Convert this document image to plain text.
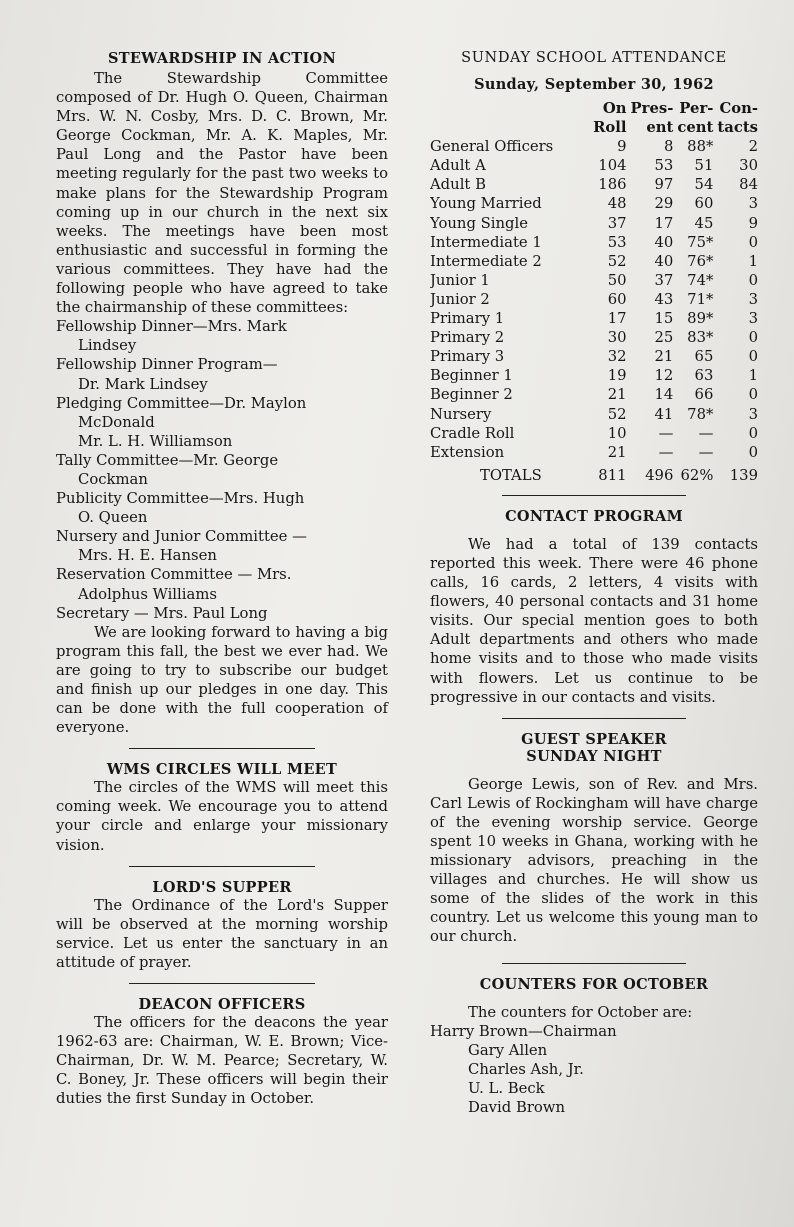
STEWARDSHIP IN ACTION

The Stewardship Committee composed of Dr. Hugh O. Queen, Chairman Mrs. W. N. Cosby, Mrs. D. C. Brown, Mr. George Cockman, Mr. A. K. Maples, Mr. Paul Long and the Pastor have been meeting regularly for the past two weeks to make plans for the Stewardship Program coming up in our church in the next six weeks. The meetings have been most enthusiastic and successful in forming the various committees. They have had the following people who have agreed to take the chairmanship of these committees:

Fellowship Dinner—Mrs. Mark

Lindsey

Fellowship Dinner Program—

Dr. Mark Lindsey

Pledging Committee—Dr. Maylon

McDonald

Mr. L. H. Williamson

Tally Committee—Mr. George

Cockman

Publicity Committee—Mrs. Hugh

O. Queen

Nursery and Junior Committee —

Mrs. H. E. Hansen

Reservation Committee — Mrs.

Adolphus Williams

Secretary — Mrs. Paul Long

We are looking forward to having a big program this fall, the best we ever had. We are going to try to subscribe our budget and finish up our pledges in one day. This can be done with the full cooperation of everyone.

WMS CIRCLES WILL MEET

The circles of the WMS will meet this coming week. We encourage you to attend your circle and enlarge your missionary vision.

LORD'S SUPPER

The Ordinance of the Lord's Supper will be observed at the morning worship service. Let us enter the sanctuary in an attitude of prayer.

DEACON OFFICERS

The officers for the deacons the year 1962-63 are: Chairman, W. E. Brown; Vice-Chairman, Dr. W. M. Pearce; Secretary, W. C. Boney, Jr. These officers will begin their duties the first Sunday in October.

SUNDAY SCHOOL ATTENDANCE
Sunday, September 30, 1962
	On	Pres-	Per-	Con-
	Roll	ent	cent	tacts
General Officers	9	8	88*	2
Adult A	104	53	51	30
Adult B	186	97	54	84
Young Married	48	29	60	3
Young Single	37	17	45	9
Intermediate 1	53	40	75*	0
Intermediate 2	52	40	76*	1
Junior 1	50	37	74*	0
Junior 2	60	43	71*	3
Primary 1	17	15	89*	3
Primary 2	30	25	83*	0
Primary 3	32	21	65	0
Beginner 1	19	12	63	1
Beginner 2	21	14	66	0
Nursery	52	41	78*	3
Cradle Roll	10	—	—	0
Extension	21	—	—	0
TOTALS	811	496	62%	139
CONTACT PROGRAM

We had a total of 139 contacts reported this week. There were 46 phone calls, 16 cards, 2 letters, 4 visits with flowers, 40 personal contacts and 31 home visits. Our special mention goes to both Adult departments and others who made home visits and to those who made visits with flowers. Let us continue to be progressive in our contacts and visits.

GUEST SPEAKER
SUNDAY NIGHT

George Lewis, son of Rev. and Mrs. Carl Lewis of Rockingham will have charge of the evening worship service. George spent 10 weeks in Ghana, working with he missionary advisors, preaching in the villages and churches. He will show us some of the slides of the work in this country. Let us welcome this young man to our church.

COUNTERS FOR OCTOBER

The counters for October are:

Harry Brown—Chairman

Gary Allen

Charles Ash, Jr.

U. L. Beck

David Brown
